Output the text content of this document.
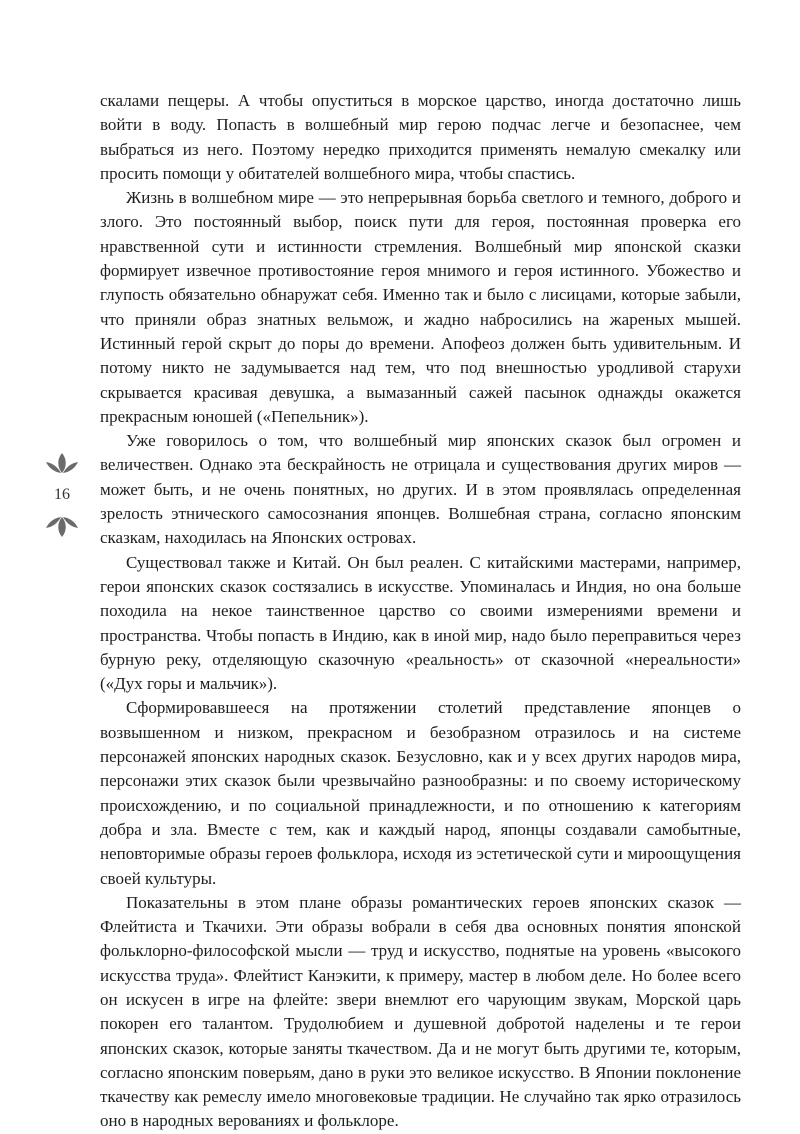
16

скалами пещеры. А чтобы опуститься в морское царство, иногда достаточно лишь войти в воду. Попасть в волшебный мир герою подчас легче и безопаснее, чем выбраться из него. Поэтому нередко приходится применять немалую смекалку или просить помощи у обитателей волшебного мира, чтобы спастись.

Жизнь в волшебном мире — это непрерывная борьба светлого и темного, доброго и злого. Это постоянный выбор, поиск пути для героя, постоянная проверка его нравственной сути и истинности стремления. Волшебный мир японской сказки формирует извечное противостояние героя мнимого и героя истинного. Убожество и глупость обязательно обнаружат себя. Именно так и было с лисицами, которые забыли, что приняли образ знатных вельмож, и жадно набросились на жареных мышей. Истинный герой скрыт до поры до времени. Апофеоз должен быть удивительным. И потому никто не задумывается над тем, что под внешностью уродливой старухи скрывается красивая девушка, а вымазанный сажей пасынок однажды окажется прекрасным юношей («Пепельник»).

Уже говорилось о том, что волшебный мир японских сказок был огромен и величествен. Однако эта бескрайность не отрицала и существования других миров — может быть, и не очень понятных, но других. И в этом проявлялась определенная зрелость этнического самосознания японцев. Волшебная страна, согласно японским сказкам, находилась на Японских островах.

Существовал также и Китай. Он был реален. С китайскими мастерами, например, герои японских сказок состязались в искусстве. Упоминалась и Индия, но она больше походила на некое таинственное царство со своими измерениями времени и пространства. Чтобы попасть в Индию, как в иной мир, надо было переправиться через бурную реку, отделяющую сказочную «реальность» от сказочной «нереальности» («Дух горы и мальчик»).

Сформировавшееся на протяжении столетий представление японцев о возвышенном и низком, прекрасном и безобразном отразилось и на системе персонажей японских народных сказок. Безусловно, как и у всех других народов мира, персонажи этих сказок были чрезвычайно разнообразны: и по своему историческому происхождению, и по социальной принадлежности, и по отношению к категориям добра и зла. Вместе с тем, как и каждый народ, японцы создавали самобытные, неповторимые образы героев фольклора, исходя из эстетической сути и мироощущения своей культуры.

Показательны в этом плане образы романтических героев японских сказок — Флейтиста и Ткачихи. Эти образы вобрали в себя два основных понятия японской фольклорно-философской мысли — труд и искусство, поднятые на уровень «высокого искусства труда». Флейтист Канэкити, к примеру, мастер в любом деле. Но более всего он искусен в игре на флейте: звери внемлют его чарующим звукам, Морской царь покорен его талантом. Трудолюбием и душевной добротой наделены и те герои японских сказок, которые заняты ткачеством. Да и не могут быть другими те, которым, согласно японским поверьям, дано в руки это великое искусство. В Японии поклонение ткачеству как ремеслу имело многовековые традиции. Не случайно так ярко отразилось оно в народных верованиях и фольклоре.
